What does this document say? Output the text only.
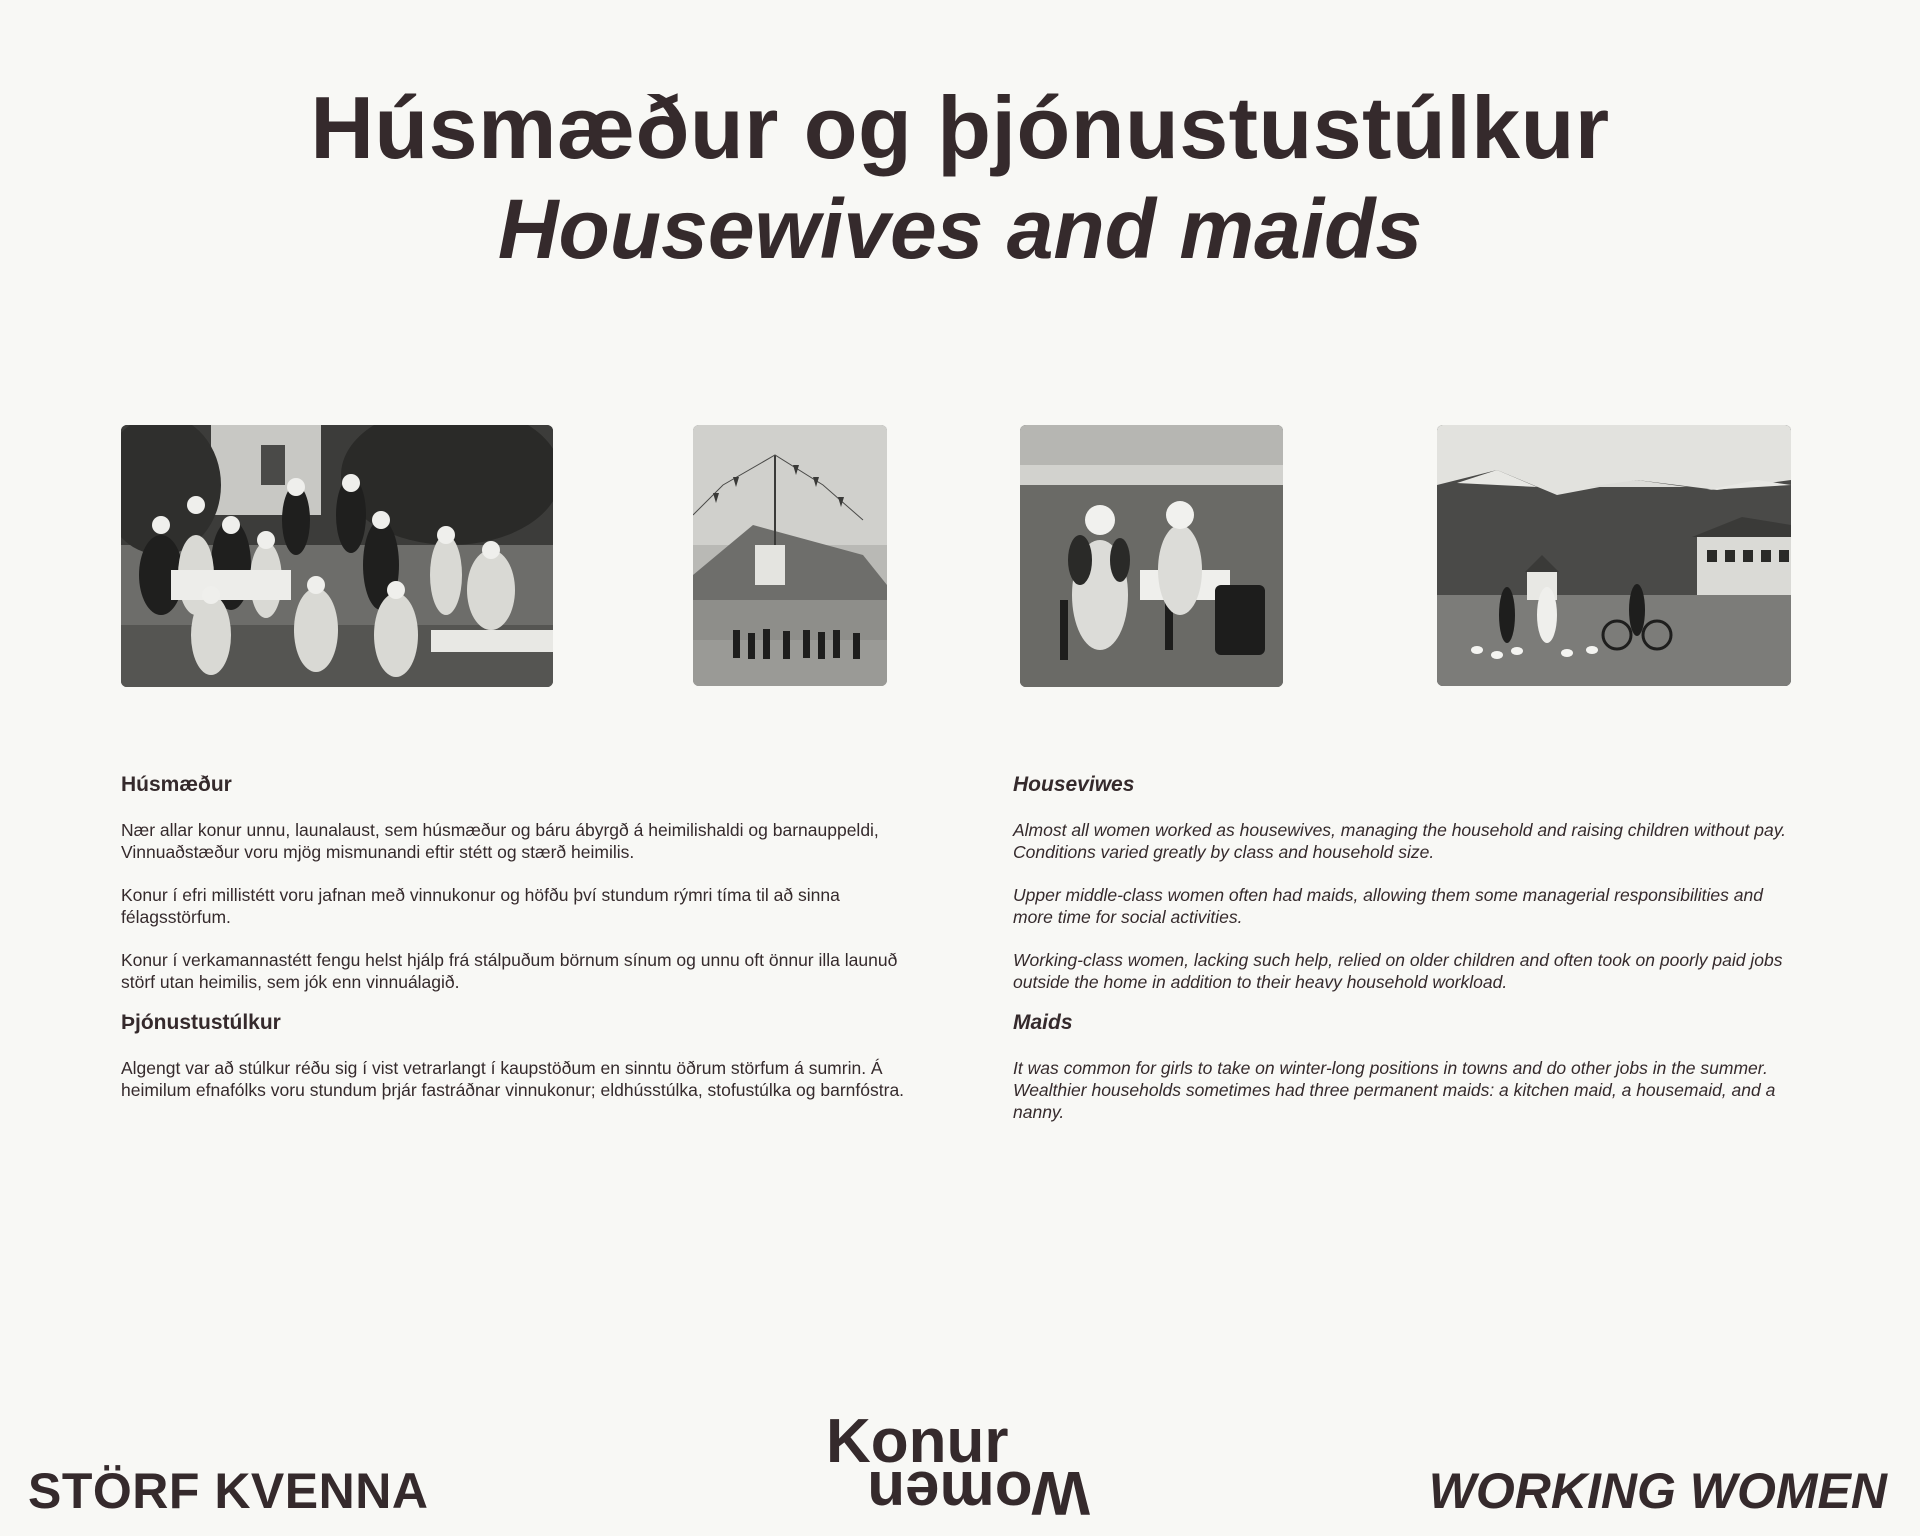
Húsmæður og þjónustustúlkur
Housewives and maids
Húsmæður

Nær allar konur unnu, launalaust, sem húsmæður og báru ábyrgð á heimilishaldi og barnauppeldi, Vinnuaðstæður voru mjög mismunandi eftir stétt og stærð heimilis.

Konur í efri millistétt voru jafnan með vinnukonur og höfðu því stundum rýmri tíma til að sinna félagsstörfum.

Konur í verkamannastétt fengu helst hjálp frá stálpuðum börnum sínum og unnu oft önnur illa launuð störf utan heimilis, sem jók enn vinnuálagið.

Þjónustustúlkur

Algengt var að stúlkur réðu sig í vist vetrarlangt í kaupstöðum en sinntu öðrum störfum á sumrin. Á heimilum efnafólks voru stundum þrjár fastráðnar vinnukonur; eldhússtúlka, stofustúlka og barnfóstra.

Houseviwes

Almost all women worked as housewives, managing the household and raising children without pay. Conditions varied greatly by class and household size.

Upper middle-class women often had maids, allowing them some managerial responsibilities and more time for social activities.

Working-class women, lacking such help, relied on older children and often took on poorly paid jobs outside the home in addition to their heavy household workload.

Maids

It was common for girls to take on winter-long positions in towns and do other jobs in the summer. Wealthier households sometimes had three permanent maids: a kitchen maid, a housemaid, and a nanny.

STÖRF KVENNA
Konur
Women	WORKING WOMEN
